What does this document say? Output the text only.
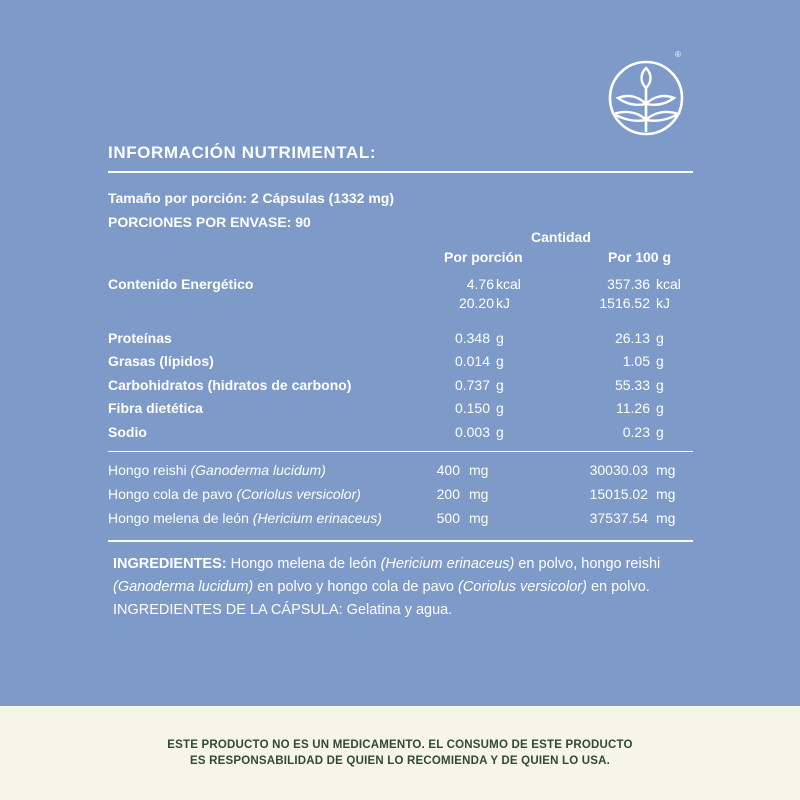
®
INFORMACIÓN NUTRIMENTAL:
Tamaño por porción: 2 Cápsulas (1332 mg)
PORCIONES POR ENVASE: 90
Cantidad
Por porción	Por 100 g
Contenido Energético	4.76 kcal	357.36 kcal
20.20 kJ	1516.52 kJ
Proteínas	0.348 g	26.13 g
Grasas (lípidos)	0.014 g	1.05 g
Carbohidratos (hidratos de carbono)	0.737 g	55.33 g
Fibra dietética	0.150 g	11.26 g
Sodio	0.003 g	0.23 g
Hongo reishi (Ganoderma lucidum)	400 mg	30030.03 mg
Hongo cola de pavo (Coriolus versicolor)	200 mg	15015.02 mg
Hongo melena de león (Hericium erinaceus)	500 mg	37537.54 mg
INGREDIENTES: Hongo melena de león (Hericium erinaceus) en polvo, hongo reishi (Ganoderma lucidum) en polvo y hongo cola de pavo (Coriolus versicolor) en polvo. INGREDIENTES DE LA CÁPSULA: Gelatina y agua.
ESTE PRODUCTO NO ES UN MEDICAMENTO. EL CONSUMO DE ESTE PRODUCTO
ES RESPONSABILIDAD DE QUIEN LO RECOMIENDA Y DE QUIEN LO USA.
